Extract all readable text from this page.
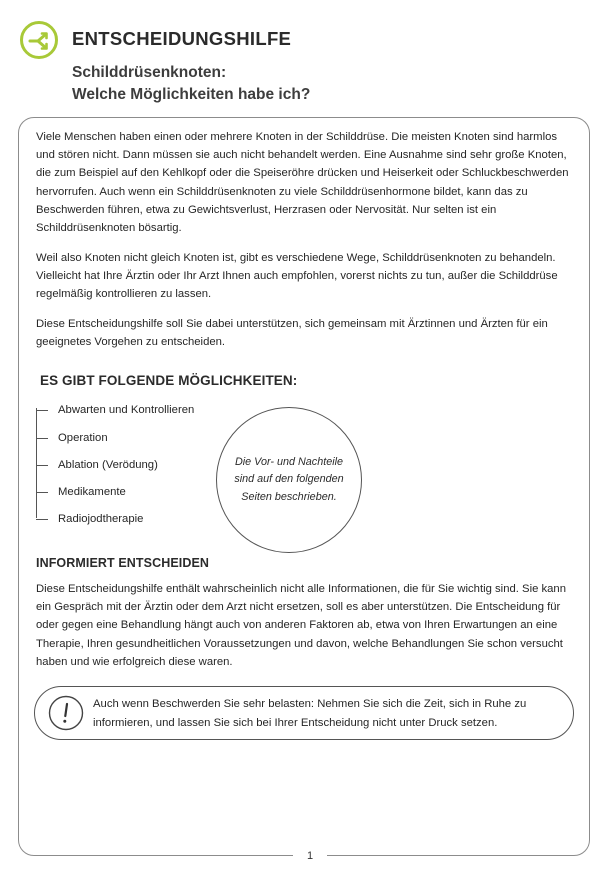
ENTSCHEIDUNGSHILFE
Schilddrüsenknoten:
Welche Möglichkeiten habe ich?

Viele Menschen haben einen oder mehrere Knoten in der Schilddrüse. Die meisten Knoten sind harmlos und stören nicht. Dann müssen sie auch nicht behandelt werden. Eine Ausnahme sind sehr große Knoten, die zum Beispiel auf den Kehlkopf oder die Speiseröhre drücken und Heiserkeit oder Schluckbeschwerden hervorrufen. Auch wenn ein Schilddrüsenknoten zu viele Schilddrüsenhormone bildet, kann das zu Beschwerden führen, etwa zu Gewichtsverlust, Herzrasen oder Nervosität. Nur selten ist ein Schilddrüsenknoten bösartig.

Weil also Knoten nicht gleich Knoten ist, gibt es verschiedene Wege, Schilddrüsenknoten zu behandeln. Vielleicht hat Ihre Ärztin oder Ihr Arzt Ihnen auch empfohlen, vorerst nichts zu tun, außer die Schilddrüse regelmäßig kontrollieren zu lassen.

Diese Entscheidungshilfe soll Sie dabei unterstützen, sich gemeinsam mit Ärztinnen und Ärzten für ein geeignetes Vorgehen zu entscheiden.

ES GIBT FOLGENDE MÖGLICHKEITEN:
Abwarten und Kontrollieren
Operation
Ablation (Verödung)
Medikamente
Radiojodtherapie
Die Vor- und Nachteile sind auf den folgenden Seiten beschrieben.
INFORMIERT ENTSCHEIDEN

Diese Entscheidungshilfe enthält wahrscheinlich nicht alle Informationen, die für Sie wichtig sind. Sie kann ein Gespräch mit der Ärztin oder dem Arzt nicht ersetzen, soll es aber unterstützen. Die Entscheidung für oder gegen eine Behandlung hängt auch von anderen Faktoren ab, etwa von Ihren Erwartungen an eine Therapie, Ihren gesundheitlichen Voraussetzungen und davon, welche Behandlungen Sie schon versucht haben und wie erfolgreich diese waren.

Auch wenn Beschwerden Sie sehr belasten: Nehmen Sie sich die Zeit, sich in Ruhe zu informieren, und lassen Sie sich bei Ihrer Entscheidung nicht unter Druck setzen.
1
